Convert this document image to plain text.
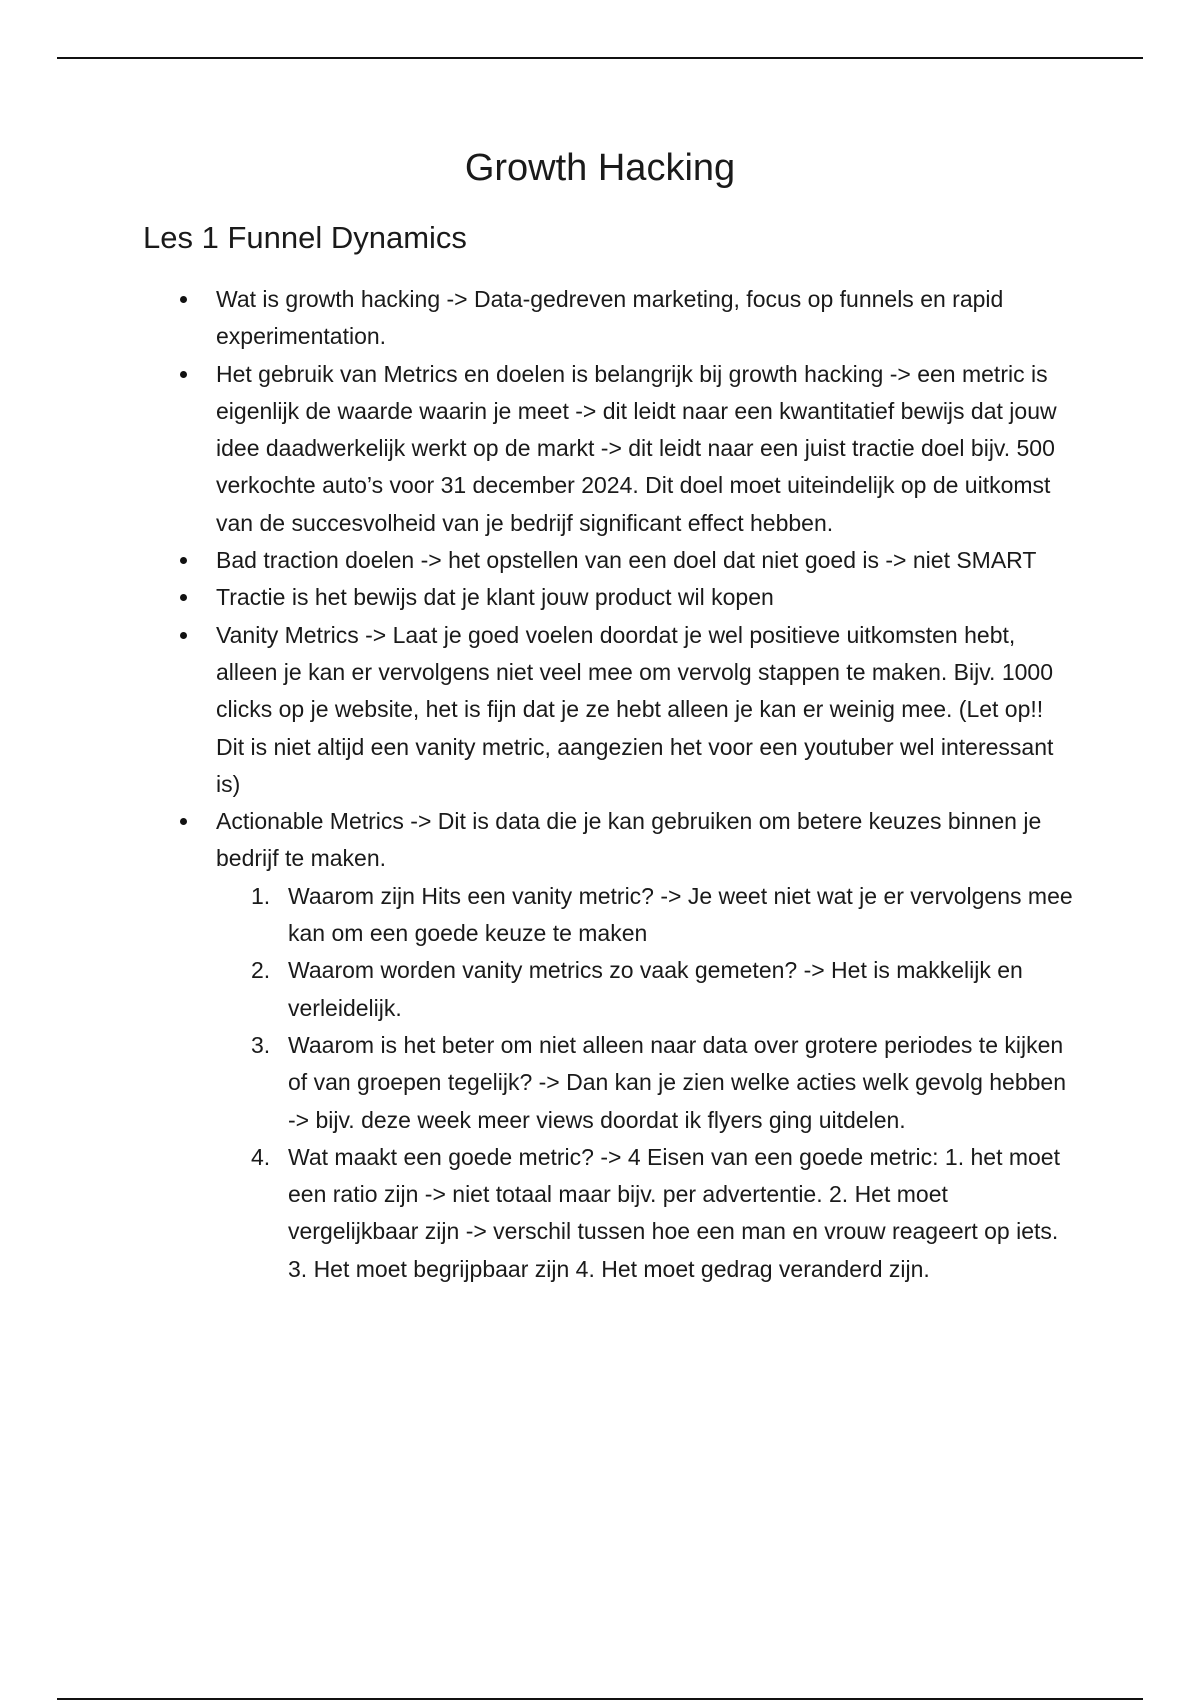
Growth Hacking
Les 1 Funnel Dynamics
Wat is growth hacking -> Data-gedreven marketing, focus op funnels en rapid experimentation.
Het gebruik van Metrics en doelen is belangrijk bij growth hacking -> een metric is eigenlijk de waarde waarin je meet -> dit leidt naar een kwantitatief bewijs dat jouw idee daadwerkelijk werkt op de markt -> dit leidt naar een juist tractie doel bijv. 500 verkochte auto’s voor 31 december 2024. Dit doel moet uiteindelijk op de uitkomst van de succesvolheid van je bedrijf significant effect hebben.
Bad traction doelen -> het opstellen van een doel dat niet goed is -> niet SMART
Tractie is het bewijs dat je klant jouw product wil kopen
Vanity Metrics -> Laat je goed voelen doordat je wel positieve uitkomsten hebt, alleen je kan er vervolgens niet veel mee om vervolg stappen te maken. Bijv. 1000 clicks op je website, het is fijn dat je ze hebt alleen je kan er weinig mee. (Let op!! Dit is niet altijd een vanity metric, aangezien het voor een youtuber wel interessant is)
Actionable Metrics -> Dit is data die je kan gebruiken om betere keuzes binnen je bedrijf te maken.
1. Waarom zijn Hits een vanity metric? -> Je weet niet wat je er vervolgens mee kan om een goede keuze te maken
2. Waarom worden vanity metrics zo vaak gemeten? -> Het is makkelijk en verleidelijk.
3. Waarom is het beter om niet alleen naar data over grotere periodes te kijken of van groepen tegelijk? -> Dan kan je zien welke acties welk gevolg hebben -> bijv. deze week meer views doordat ik flyers ging uitdelen.
4. Wat maakt een goede metric? -> 4 Eisen van een goede metric: 1. het moet een ratio zijn -> niet totaal maar bijv. per advertentie. 2. Het moet vergelijkbaar zijn -> verschil tussen hoe een man en vrouw reageert op iets. 3. Het moet begrijpbaar zijn 4. Het moet gedrag veranderd zijn.
